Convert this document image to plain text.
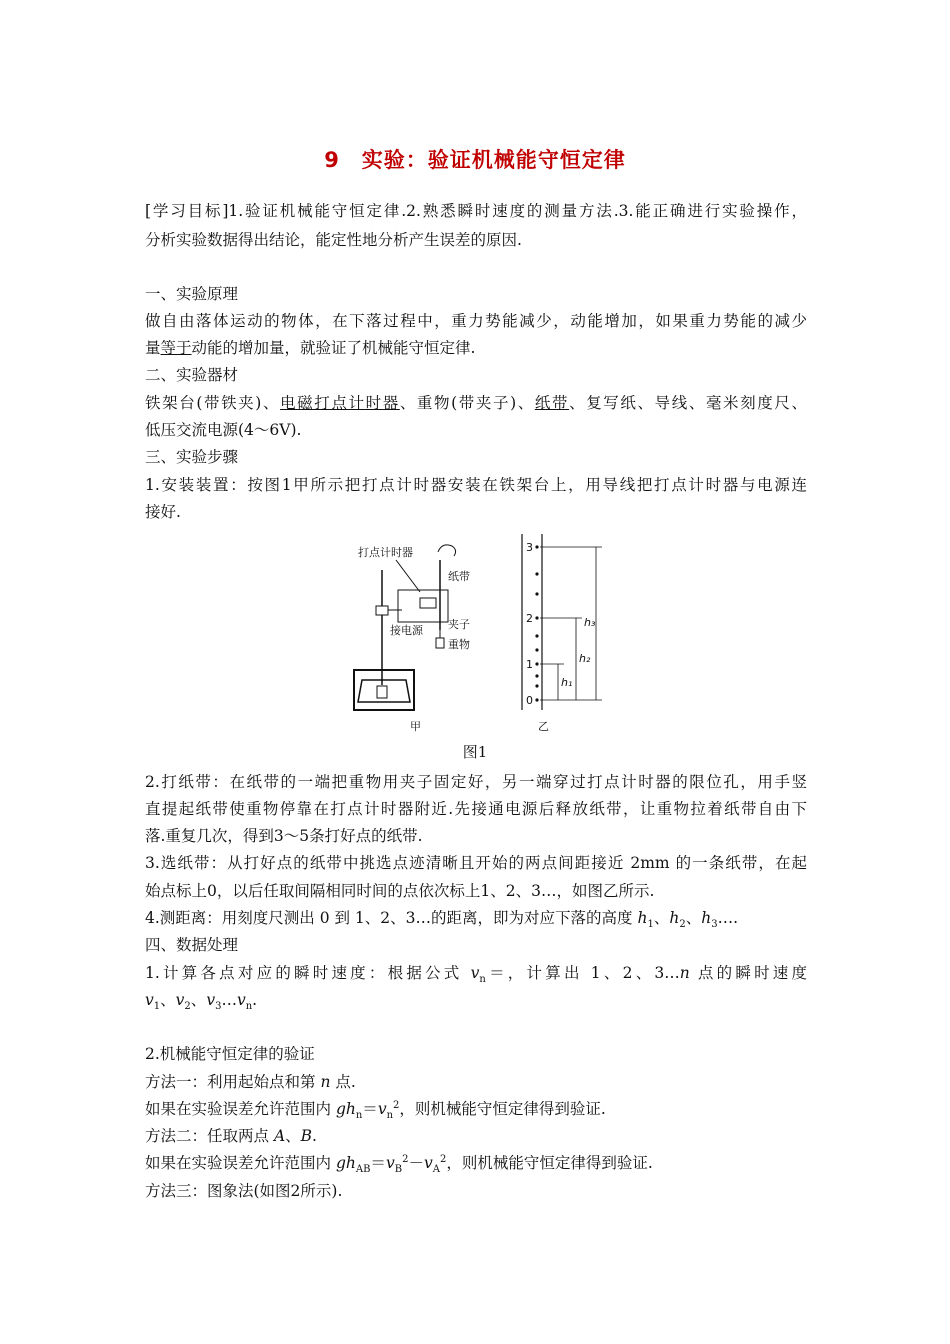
9　实验：验证机械能守恒定律
[学习目标]1.验证机械能守恒定律.2.熟悉瞬时速度的测量方法.3.能正确进行实验操作，
分析实验数据得出结论，能定性地分析产生误差的原因.
一、实验原理
做自由落体运动的物体，在下落过程中，重力势能减少，动能增加，如果重力势能的减少
量等于动能的增加量，就验证了机械能守恒定律.
二、实验器材
铁架台(带铁夹)、电磁打点计时器、重物(带夹子)、纸带、复写纸、导线、毫米刻度尺、
低压交流电源(4～6V).
三、实验步骤
1.安装装置：按图1甲所示把打点计时器安装在铁架台上，用导线把打点计时器与电源连
接好.
打点计时器
纸带
接电源 夹子
重物
甲
3
2
1
0
h₁
h₂
h₃
乙
图1
2.打纸带：在纸带的一端把重物用夹子固定好，另一端穿过打点计时器的限位孔，用手竖
直提起纸带使重物停靠在打点计时器附近.先接通电源后释放纸带，让重物拉着纸带自由下
落.重复几次，得到3～5条打好点的纸带.
3.选纸带：从打好点的纸带中挑选点迹清晰且开始的两点间距接近 2mm 的一条纸带，在起
始点标上0，以后任取间隔相同时间的点依次标上1、2、3…，如图乙所示.
4.测距离：用刻度尺测出 0 到 1、2、3…的距离，即为对应下落的高度 $h_1$、$h_2$、$h_3\dots$.
四、数据处理
1.计算各点对应的瞬时速度：根据公式 $v_n=$，计算出 1、2、3…n 点的瞬时速度
$v_1$、$v_2$、$v_3\dots v_n$.
2.机械能守恒定律的验证
方法一：利用起始点和第 n 点.
如果在实验误差允许范围内 $gh_n=v_n^2$，则机械能守恒定律得到验证.
方法二：任取两点 A、B.
如果在实验误差允许范围内 $gh_{AB}=v_B^2-v_A^2$，则机械能守恒定律得到验证.
方法三：图象法(如图2所示).
